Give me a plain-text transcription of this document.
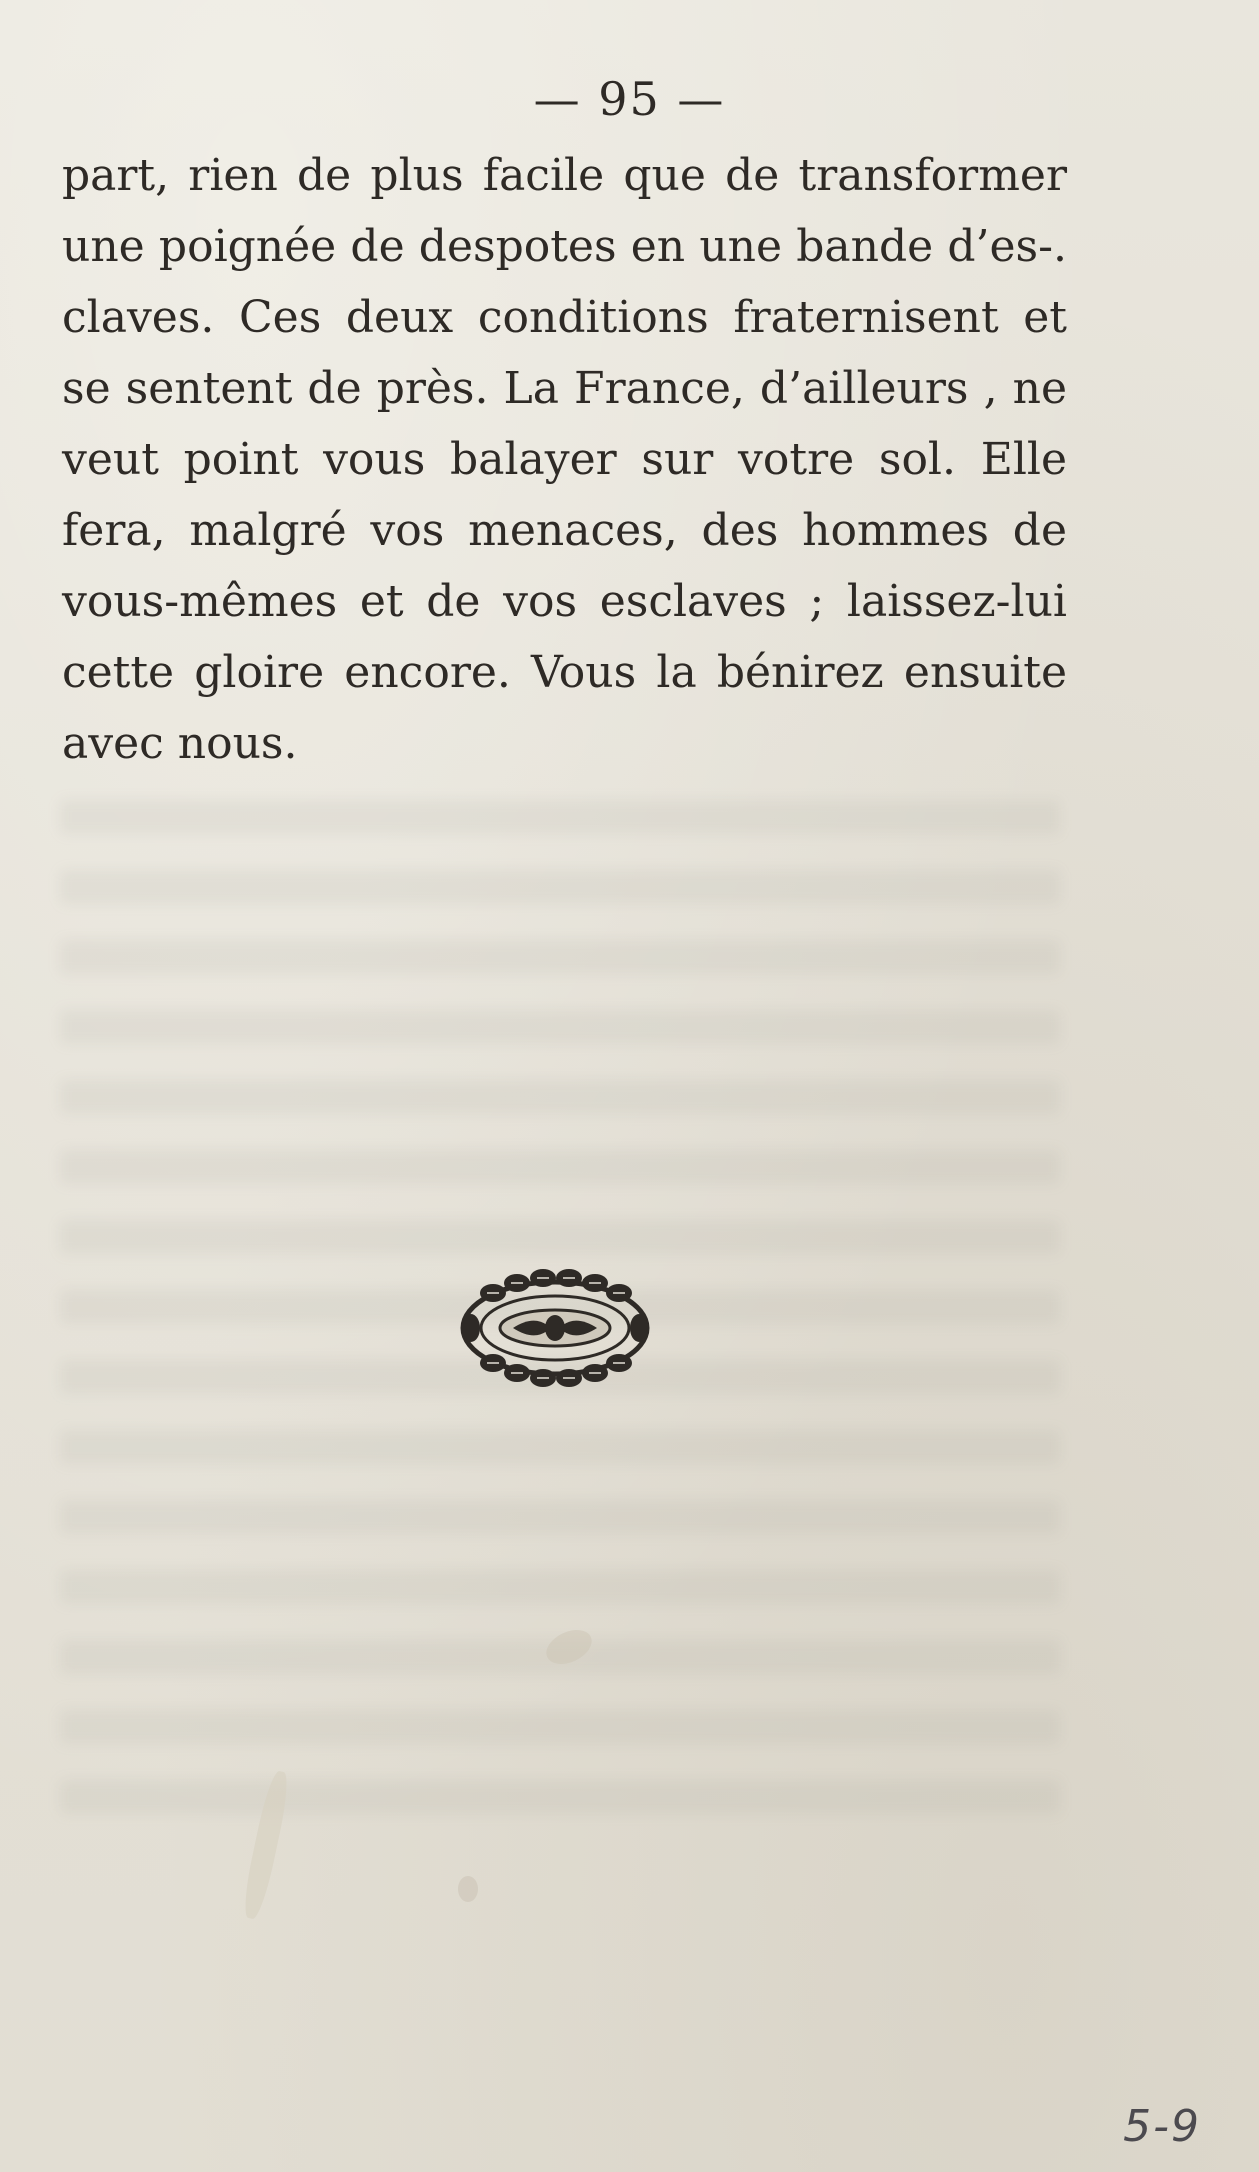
— 95 —
part, rien de plus facile que de transformer
une poignée de despotes en une bande d’es-.
claves. Ces deux conditions fraternisent et
se sentent de près. La France, d’ailleurs , ne
veut point vous balayer sur votre sol. Elle
fera, malgré vos menaces, des hommes de
vous-mêmes et de vos esclaves ; laissez-lui
cette gloire encore. Vous la bénirez ensuite
avec nous.
5-9
